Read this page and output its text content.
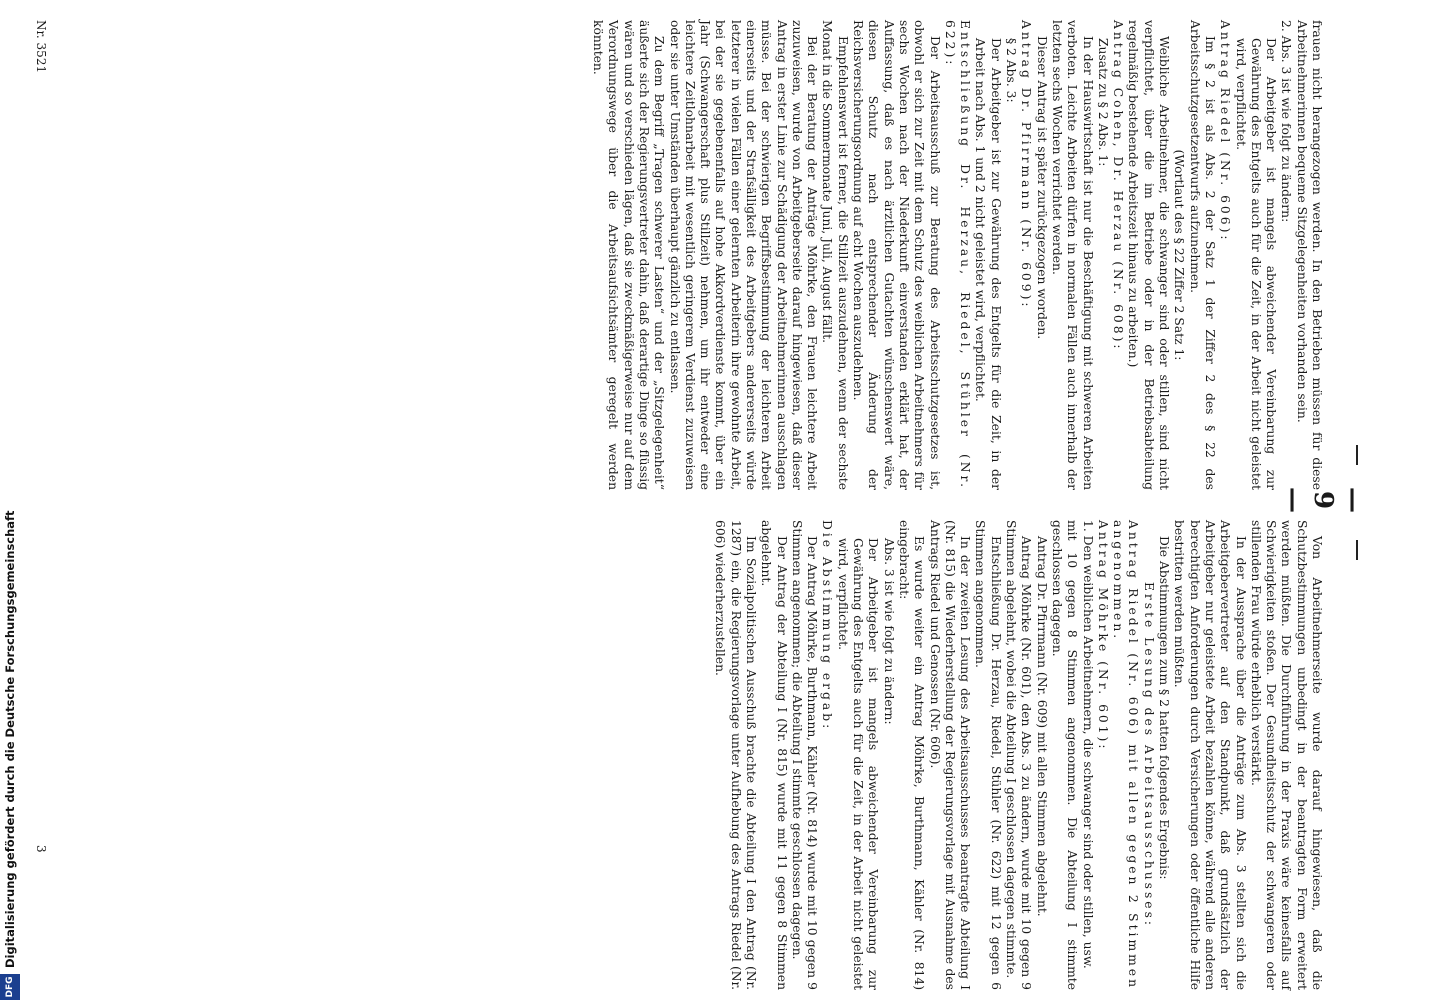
— 9 —

frauen nicht herangezogen werden. In den Betrieben müssen für diese Arbeitnehmerinnen bequeme Sitzgelegenheiten vorhanden sein.

2. Abs. 3 ist wie folgt zu ändern:

Der Arbeitgeber ist mangels abweichender Vereinbarung zur Gewährung des Entgelts auch für die Zeit, in der Arbeit nicht geleistet wird, verpflichtet.

Antrag Riedel (Nr. 606):

Im § 2 ist als Abs. 2 der Satz 1 der Ziffer 2 des § 22 des Arbeitsschutzgesetzentwurfs aufzunehmen.

(Wortlaut des § 22 Ziffer 2 Satz 1:

Weibliche Arbeitnehmer, die schwanger sind oder stillen, sind nicht verpflichtet, über die im Betriebe oder in der Betriebsabteilung regelmäßig bestehende Arbeitszeit hinaus zu arbeiten.)

Antrag Cohen, Dr. Herzau (Nr. 608):

Zusatz zu § 2 Abs. 1:

In der Hauswirtschaft ist nur die Beschäftigung mit schweren Arbeiten verboten. Leichte Arbeiten dürfen in normalen Fällen auch innerhalb der letzten sechs Wochen verrichtet werden.

Dieser Antrag ist später zurückgezogen worden.

Antrag Dr. Pfirrmann (Nr. 609):

§ 2 Abs. 3:

Der Arbeitgeber ist zur Gewährung des Entgelts für die Zeit, in der Arbeit nach Abs. 1 und 2 nicht geleistet wird, verpflichtet.

Entschließung Dr. Herzau, Riedel, Stühler (Nr. 622):

Der Arbeitsausschuß zur Beratung des Arbeitsschutzgesetzes ist, obwohl er sich zur Zeit mit dem Schutz des weiblichen Arbeitnehmers für sechs Wochen nach der Niederkunft einverstanden erklärt hat, der Auffassung, daß es nach ärztlichen Gutachten wünschenswert wäre, diesen Schutz nach entsprechender Änderung der Reichsversicherungsordnung auf acht Wochen auszudehnen.

Empfehlenswert ist ferner, die Stillzeit auszudehnen, wenn der sechste Monat in die Sommermonate Juni, Juli, August fällt.

Bei der Beratung der Anträge Möhrke, den Frauen leichtere Arbeit zuzuweisen, wurde von Arbeitgeberseite darauf hingewiesen, daß dieser Antrag in erster Linie zur Schädigung der Arbeitnehmerinnen ausschlagen müsse. Bei der schwierigen Begriffsbestimmung der leichteren Arbeit einerseits und der Strafsälligkeit des Arbeitgebers andererseits würde letzterer in vielen Fällen einer gelernten Arbeiterin ihre gewohnte Arbeit, bei der sie gegebenenfalls auf hohe Akkordverdienste kommt, über ein Jahr (Schwangerschaft plus Stillzeit) nehmen, um ihr entweder eine leichtere Zeitlohnarbeit mit wesentlich geringerem Verdienst zuzuweisen oder sie unter Umständen überhaupt gänzlich zu entlassen.

Zu dem Begriff „Tragen schwerer Lasten“ und der „Sitzgelegenheit“ äußerte sich der Regierungsvertreter dahin, daß derartige Dinge so flüssig wären und so verschieden lägen, daß sie zweckmäßigerweise nur auf dem Verordnungswege über die Arbeitsaufsichtsämter geregelt werden könnten.

Von Arbeitnehmerseite wurde darauf hingewiesen, daß die Schutzbestimmungen unbedingt in der beantragten Form erweitert werden müßten. Die Durchführung in der Praxis wäre keinesfalls auf Schwierigkeiten stoßen. Der Gesundheitsschutz der schwangeren oder stillenden Frau würde erheblich verstärkt.

In der Aussprache über die Anträge zum Abs. 3 stellten sich die Arbeitgebervertreter auf den Standpunkt, daß grundsätzlich der Arbeitgeber nur geleistete Arbeit bezahlen könne, während alle anderen berechtigten Anforderungen durch Versicherungen oder öffentliche Hilfe bestritten werden müßten.

Die Abstimmungen zum § 2 hatten folgendes Ergebnis:

Erste Lesung des Arbeitsausschusses:

Antrag Riedel (Nr. 606) mit allen gegen 2 Stimmen angenommen.

Antrag Möhrke (Nr. 601):

1. Den weiblichen Arbeitnehmern, die schwanger sind oder stillen, usw.

mit 10 gegen 8 Stimmen angenommen. Die Abteilung I stimmte geschlossen dagegen.

Antrag Dr. Pfirrmann (Nr. 609) mit allen Stimmen abgelehnt.

Antrag Möhrke (Nr. 601), den Abs. 3 zu ändern, wurde mit 10 gegen 9 Stimmen abgelehnt, wobei die Abteilung I geschlossen dagegen stimmte.

Entschließung Dr. Herzau, Riedel, Stühler (Nr. 622) mit 12 gegen 6 Stimmen angenommen.

In der zweiten Lesung des Arbeitsausschusses beantragte Abteilung I (Nr. 815) die Wiederherstellung der Regierungsvorlage mit Ausnahme des Antrags Riedel und Genossen (Nr. 606).

Es wurde weiter ein Antrag Möhrke, Burthmann, Kähler (Nr. 814) eingebracht:

Abs. 3 ist wie folgt zu ändern:

Der Arbeitgeber ist mangels abweichender Vereinbarung zur Gewährung des Entgelts auch für die Zeit, in der Arbeit nicht geleistet wird, verpflichtet.

Die Abstimmung ergab:

Der Antrag Möhrke, Burthmann, Kähler (Nr. 814) wurde mit 10 gegen 9 Stimmen angenommen; die Abteilung I stimmte geschlossen dagegen.

Der Antrag der Abteilung I (Nr. 815) wurde mit 11 gegen 8 Stimmen abgelehnt.

Im Sozialpolitischen Ausschuß brachte die Abteilung I den Antrag (Nr. 1287) ein, die Regierungsvorlage unter Aufhebung des Antrags Riedel (Nr. 606) wiederherzustellen.

Nr. 3521
3
DFG
Digitalisierung gefördert durch die Deutsche Forschungsgemeinschaft
